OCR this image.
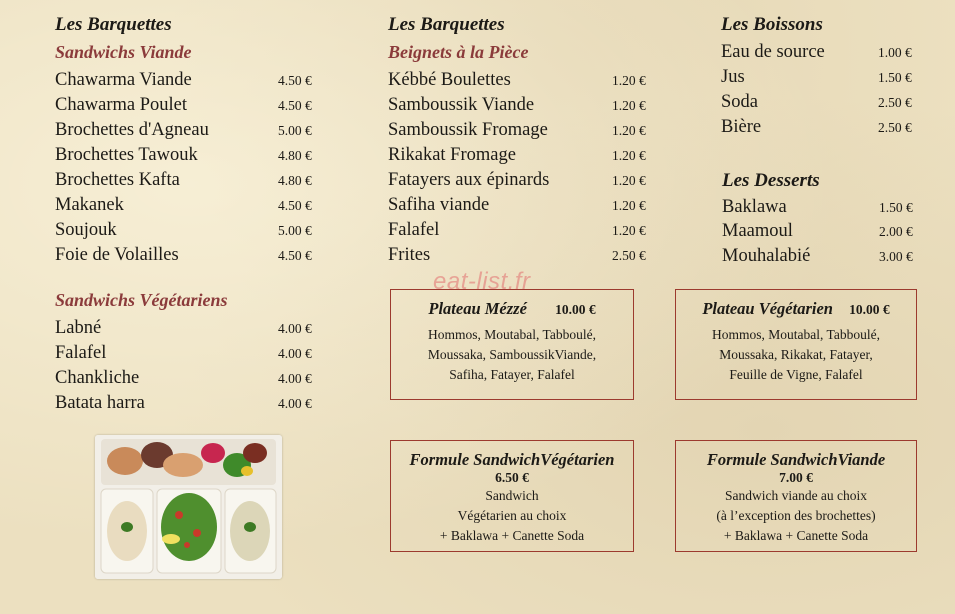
Les Barquettes
Sandwichs Viande
Chawarma Viande	4.50 €
Chawarma Poulet	4.50 €
Brochettes d'Agneau	5.00 €
Brochettes Tawouk	4.80 €
Brochettes Kafta	4.80 €
Makanek	4.50 €
Soujouk	5.00 €
Foie de Volailles	4.50 €
Sandwichs Végétariens
Labné	4.00 €
Falafel	4.00 €
Chankliche	4.00 €
Batata harra	4.00 €
Les Barquettes
Beignets à la Pièce
Kébbé Boulettes	1.20 €
Samboussik Viande	1.20 €
Samboussik Fromage	1.20 €
Rikakat Fromage	1.20 €
Fatayers aux épinards	1.20 €
Safiha viande	1.20 €
Falafel	1.20 €
Frites	2.50 €
Les Boissons
Eau de source	1.00 €
Jus	1.50 €
Soda	2.50 €
Bière	2.50 €
Les Desserts
Baklawa	1.50 €
Maamoul	2.00 €
Mouhalabié	3.00 €
eat-list.fr
Plateau Mézzé 10.00 €
Hommos, Moutabal, Tabboulé,
Moussaka, SamboussikViande,
Safiha, Fatayer, Falafel
Plateau Végétarien 10.00 €
Hommos, Moutabal, Tabboulé,
Moussaka, Rikakat, Fatayer,
Feuille de Vigne, Falafel
Formule SandwichVégétarien
6.50 €
Sandwich
Végétarien au choix
+ Baklawa + Canette Soda
Formule SandwichViande
7.00 €
Sandwich viande au choix
(à l’exception des brochettes)
+ Baklawa + Canette Soda
